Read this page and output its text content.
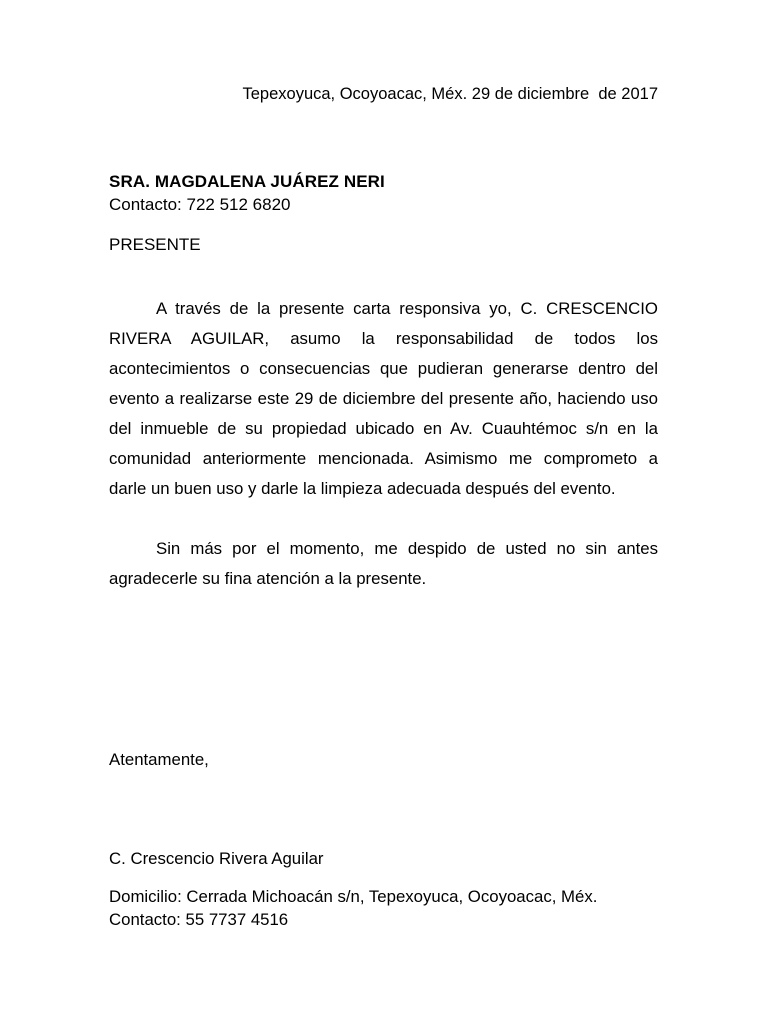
Tepexoyuca, Ocoyoacac, Méx. 29 de diciembre  de 2017
SRA. MAGDALENA JUÁREZ NERI
Contacto: 722 512 6820
PRESENTE

A través de la presente carta responsiva yo, C. CRESCENCIO RIVERA AGUILAR, asumo la responsabilidad de todos los acontecimientos o consecuencias que pudieran generarse dentro del evento a realizarse este 29 de diciembre del presente año, haciendo uso del inmueble de su propiedad ubicado en Av. Cuauhtémoc s/n en la comunidad anteriormente mencionada. Asimismo me comprometo a darle un buen uso y darle la limpieza adecuada después del evento.

Sin más por el momento, me despido de usted no sin antes agradecerle su fina atención a la presente.

Atentamente,
C. Crescencio Rivera Aguilar
Domicilio: Cerrada Michoacán s/n, Tepexoyuca, Ocoyoacac, Méx.
Contacto: 55 7737 4516
